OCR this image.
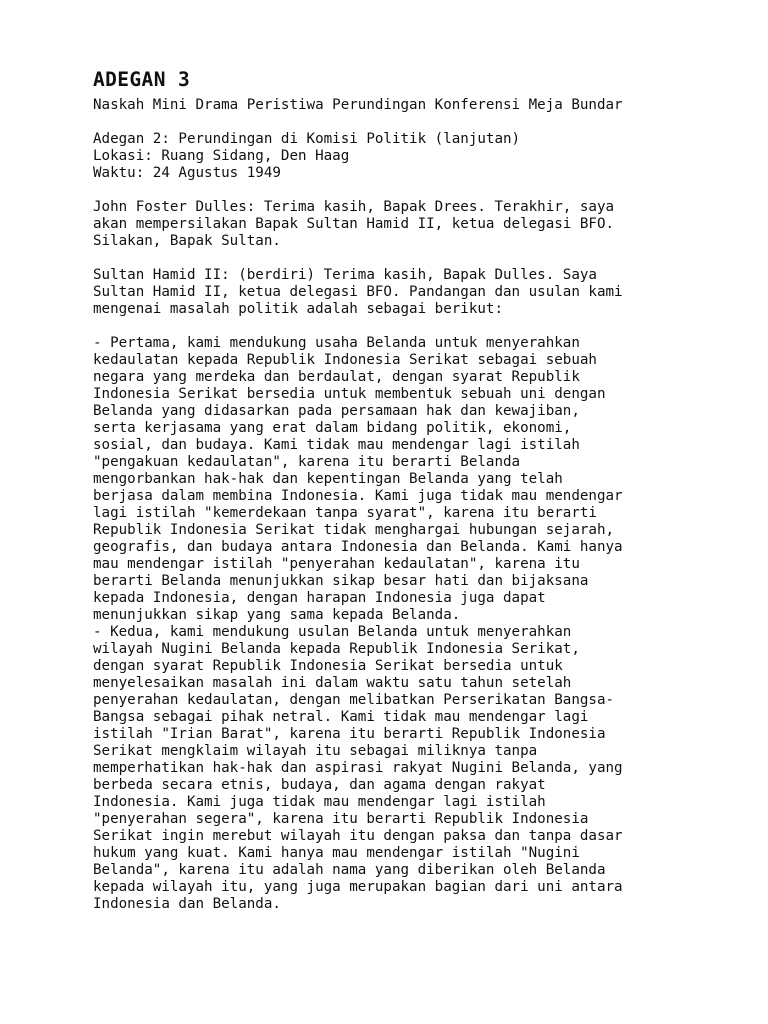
ADEGAN 3
Naskah Mini Drama Peristiwa Perundingan Konferensi Meja Bundar
Adegan 2: Perundingan di Komisi Politik (lanjutan)
Lokasi: Ruang Sidang, Den Haag
Waktu: 24 Agustus 1949
John Foster Dulles: Terima kasih, Bapak Drees. Terakhir, saya
akan mempersilakan Bapak Sultan Hamid II, ketua delegasi BFO.
Silakan, Bapak Sultan.
Sultan Hamid II: (berdiri) Terima kasih, Bapak Dulles. Saya
Sultan Hamid II, ketua delegasi BFO. Pandangan dan usulan kami
mengenai masalah politik adalah sebagai berikut:
- Pertama, kami mendukung usaha Belanda untuk menyerahkan
kedaulatan kepada Republik Indonesia Serikat sebagai sebuah
negara yang merdeka dan berdaulat, dengan syarat Republik
Indonesia Serikat bersedia untuk membentuk sebuah uni dengan
Belanda yang didasarkan pada persamaan hak dan kewajiban,
serta kerjasama yang erat dalam bidang politik, ekonomi,
sosial, dan budaya. Kami tidak mau mendengar lagi istilah
"pengakuan kedaulatan", karena itu berarti Belanda
mengorbankan hak-hak dan kepentingan Belanda yang telah
berjasa dalam membina Indonesia. Kami juga tidak mau mendengar
lagi istilah "kemerdekaan tanpa syarat", karena itu berarti
Republik Indonesia Serikat tidak menghargai hubungan sejarah,
geografis, dan budaya antara Indonesia dan Belanda. Kami hanya
mau mendengar istilah "penyerahan kedaulatan", karena itu
berarti Belanda menunjukkan sikap besar hati dan bijaksana
kepada Indonesia, dengan harapan Indonesia juga dapat
menunjukkan sikap yang sama kepada Belanda.
- Kedua, kami mendukung usulan Belanda untuk menyerahkan
wilayah Nugini Belanda kepada Republik Indonesia Serikat,
dengan syarat Republik Indonesia Serikat bersedia untuk
menyelesaikan masalah ini dalam waktu satu tahun setelah
penyerahan kedaulatan, dengan melibatkan Perserikatan Bangsa-
Bangsa sebagai pihak netral. Kami tidak mau mendengar lagi
istilah "Irian Barat", karena itu berarti Republik Indonesia
Serikat mengklaim wilayah itu sebagai miliknya tanpa
memperhatikan hak-hak dan aspirasi rakyat Nugini Belanda, yang
berbeda secara etnis, budaya, dan agama dengan rakyat
Indonesia. Kami juga tidak mau mendengar lagi istilah
"penyerahan segera", karena itu berarti Republik Indonesia
Serikat ingin merebut wilayah itu dengan paksa dan tanpa dasar
hukum yang kuat. Kami hanya mau mendengar istilah "Nugini
Belanda", karena itu adalah nama yang diberikan oleh Belanda
kepada wilayah itu, yang juga merupakan bagian dari uni antara
Indonesia dan Belanda.
